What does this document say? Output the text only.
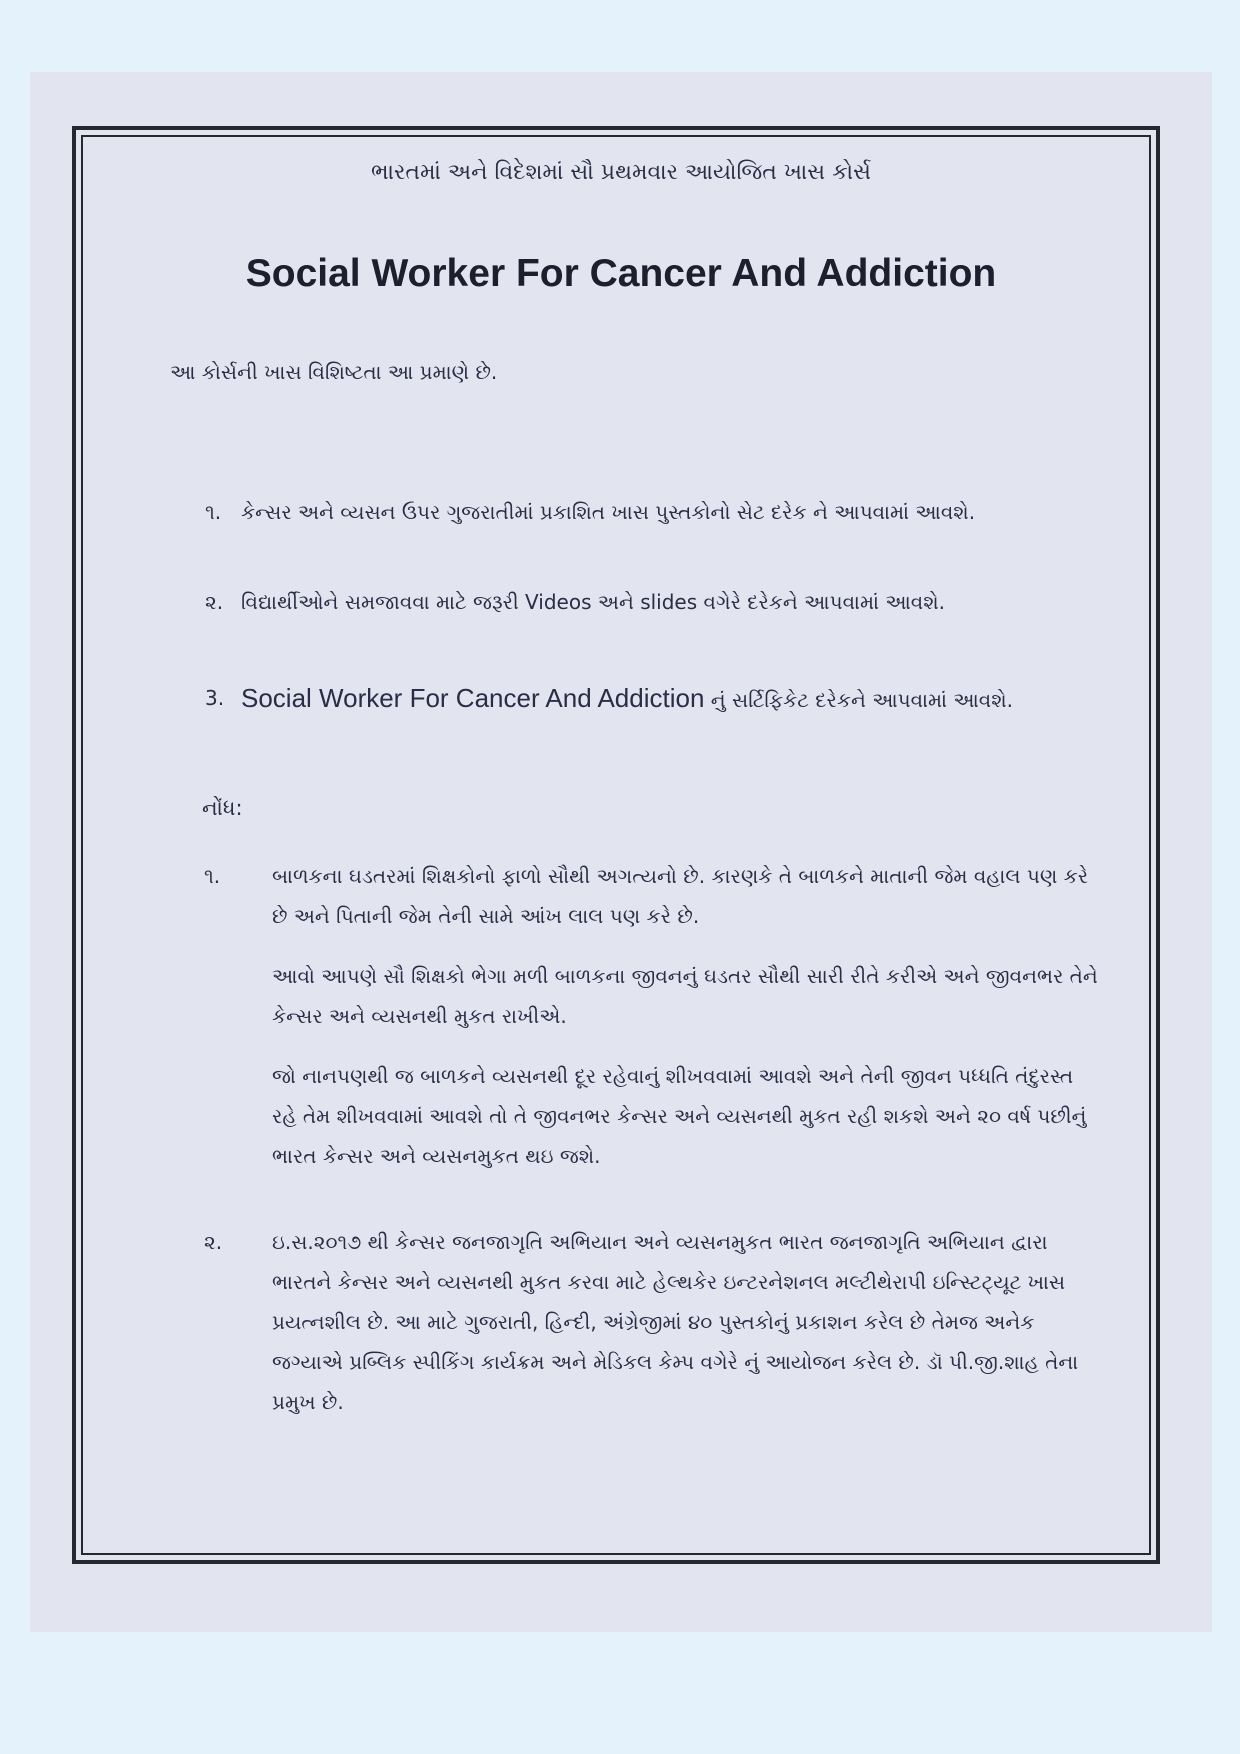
ભારતમાં અને વિદેશમાં સૌ પ્રથમવાર આયોજિત ખાસ કોર્સ
Social Worker For Cancer And Addiction
આ કોર્સની ખાસ વિશિષ્ટતા આ પ્રમાણે છે.
૧. કેન્સર અને વ્યસન ઉપર ગુજરાતીમાં પ્રકાશિત ખાસ પુસ્તકોનો સેટ દરેક ને આપવામાં આવશે.
૨. વિદ્યાર્થીઓને સમજાવવા માટે જરૂરી Videos અને slides વગેરે દરેકને આપવામાં આવશે.
3. Social Worker For Cancer And Addiction નું સર્ટિફિકેટ દરેકને આપવામાં આવશે.
નોંધ:
૧.	બાળકના ઘડતરમાં શિક્ષકોનો ફાળો સૌથી અગત્યનો છે. કારણકે તે બાળકને માતાની જેમ વહાલ પણ કરે છે અને પિતાની જેમ તેની સામે આંખ લાલ પણ કરે છે.

આવો આપણે સૌ શિક્ષકો ભેગા મળી બાળકના જીવનનું ઘડતર સૌથી સારી રીતે કરીએ અને જીવનભર તેને કેન્સર અને વ્યસનથી મુકત રાખીએ.

જો નાનપણથી જ બાળકને વ્યસનથી દૂર રહેવાનું શીખવવામાં આવશે અને તેની જીવન પધ્ધતિ તંદુરસ્ત રહે તેમ શીખવવામાં આવશે તો તે જીવનભર કેન્સર અને વ્યસનથી મુકત રહી શકશે અને ૨૦ વર્ષ પછીનું ભારત કેન્સર અને વ્યસનમુકત થઇ જશે.

૨.	ઇ.સ.૨૦૧૭ થી કેન્સર જનજાગૃતિ અભિયાન અને વ્યસનમુકત ભારત જનજાગૃતિ અભિયાન દ્વારા ભારતને કેન્સર અને વ્યસનથી મુકત કરવા માટે હેલ્થકેર ઇન્ટરનેશનલ મલ્ટીથેરાપી ઇન્સ્ટિટ્યૂટ ખાસ પ્રયત્નશીલ છે. આ માટે ગુજરાતી, હિન્દી, અંગ્રેજીમાં ૪૦ પુસ્તકોનું પ્રકાશન કરેલ છે તેમજ અનેક જગ્યાએ પ્રબ્લિક સ્પીકિંગ કાર્યક્રમ અને મેડિકલ કેમ્પ વગેરે નું આયોજન કરેલ છે. ડૉ પી.જી.શાહ તેના પ્રમુખ છે.
